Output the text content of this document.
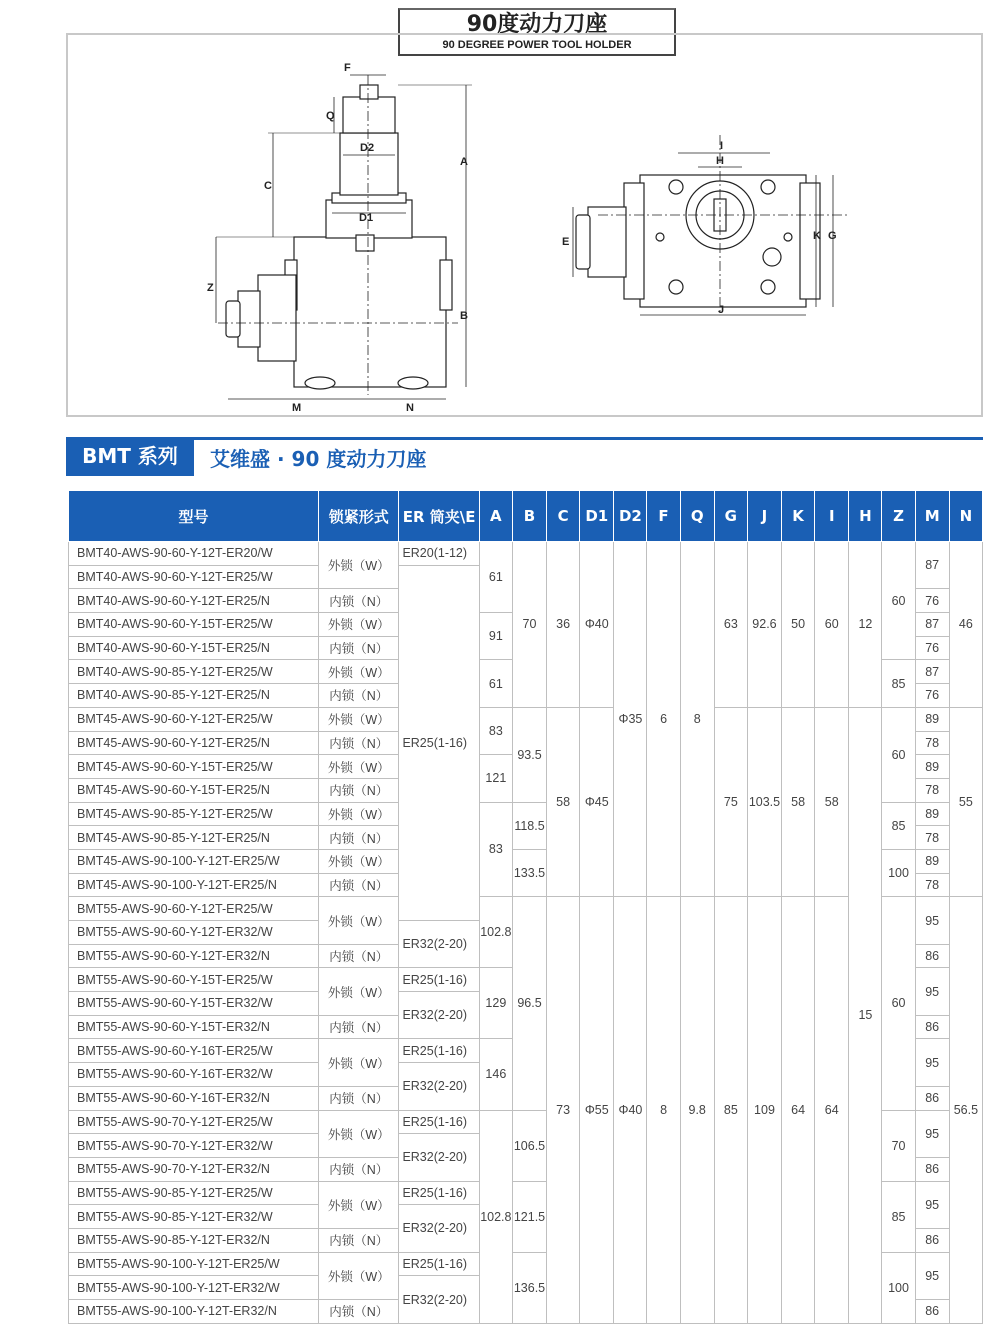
90度动力刀座
90 DEGREE POWER TOOL HOLDER
F
Q
D2
C
A
D1
Z
B
M	N
I
H
E	K G
J
BMT 系列	艾维盛 · 90 度动力刀座
型号	锁紧形式	ER 筒夹\E	A	B	C	D1	D2	F	Q	G	J	K	I	H	Z	M	N
BMT40-AWS-90-60-Y-12T-ER20/W	外锁（W）	ER20(1-12)	61	70	36	Φ40	Φ35	6	8	63	92.6	50	60	12	60	87	46
BMT40-AWS-90-60-Y-12T-ER25/W		ER25(1-16)															
BMT40-AWS-90-60-Y-12T-ER25/N	内锁（N）															76	
BMT40-AWS-90-60-Y-15T-ER25/W	外锁（W）		91													87	
BMT40-AWS-90-60-Y-15T-ER25/N	内锁（N）															76	
BMT40-AWS-90-85-Y-12T-ER25/W	外锁（W）		61												85	87	
BMT40-AWS-90-85-Y-12T-ER25/N	内锁（N）															76	
BMT45-AWS-90-60-Y-12T-ER25/W	外锁（W）		83	93.5	58	Φ45				75	103.5	58	58	15	60	89	55
BMT45-AWS-90-60-Y-12T-ER25/N	内锁（N）															78	
BMT45-AWS-90-60-Y-15T-ER25/W	外锁（W）		121													89	
BMT45-AWS-90-60-Y-15T-ER25/N	内锁（N）															78	
BMT45-AWS-90-85-Y-12T-ER25/W	外锁（W）		83	118.5											85	89	
BMT45-AWS-90-85-Y-12T-ER25/N	内锁（N）															78	
BMT45-AWS-90-100-Y-12T-ER25/W	外锁（W）			133.5											100	89	
BMT45-AWS-90-100-Y-12T-ER25/N	内锁（N）															78	
BMT55-AWS-90-60-Y-12T-ER25/W	外锁（W）		102.8	96.5	73	Φ55	Φ40	8	9.8	85	109	64	64		60	95	56.5
BMT55-AWS-90-60-Y-12T-ER32/W		ER32(2-20)															
BMT55-AWS-90-60-Y-12T-ER32/N	内锁（N）															86	
BMT55-AWS-90-60-Y-15T-ER25/W	外锁（W）	ER25(1-16)	129													95	
BMT55-AWS-90-60-Y-15T-ER32/W		ER32(2-20)															
BMT55-AWS-90-60-Y-15T-ER32/N	内锁（N）															86	
BMT55-AWS-90-60-Y-16T-ER25/W	外锁（W）	ER25(1-16)	146													95	
BMT55-AWS-90-60-Y-16T-ER32/W		ER32(2-20)															
BMT55-AWS-90-60-Y-16T-ER32/N	内锁（N）															86	
BMT55-AWS-90-70-Y-12T-ER25/W	外锁（W）	ER25(1-16)	102.8	106.5											70	95	
BMT55-AWS-90-70-Y-12T-ER32/W		ER32(2-20)															
BMT55-AWS-90-70-Y-12T-ER32/N	内锁（N）															86	
BMT55-AWS-90-85-Y-12T-ER25/W	外锁（W）	ER25(1-16)		121.5											85	95	
BMT55-AWS-90-85-Y-12T-ER32/W		ER32(2-20)															
BMT55-AWS-90-85-Y-12T-ER32/N	内锁（N）															86	
BMT55-AWS-90-100-Y-12T-ER25/W	外锁（W）	ER25(1-16)		136.5											100	95	
BMT55-AWS-90-100-Y-12T-ER32/W		ER32(2-20)															
BMT55-AWS-90-100-Y-12T-ER32/N	内锁（N）															86	
